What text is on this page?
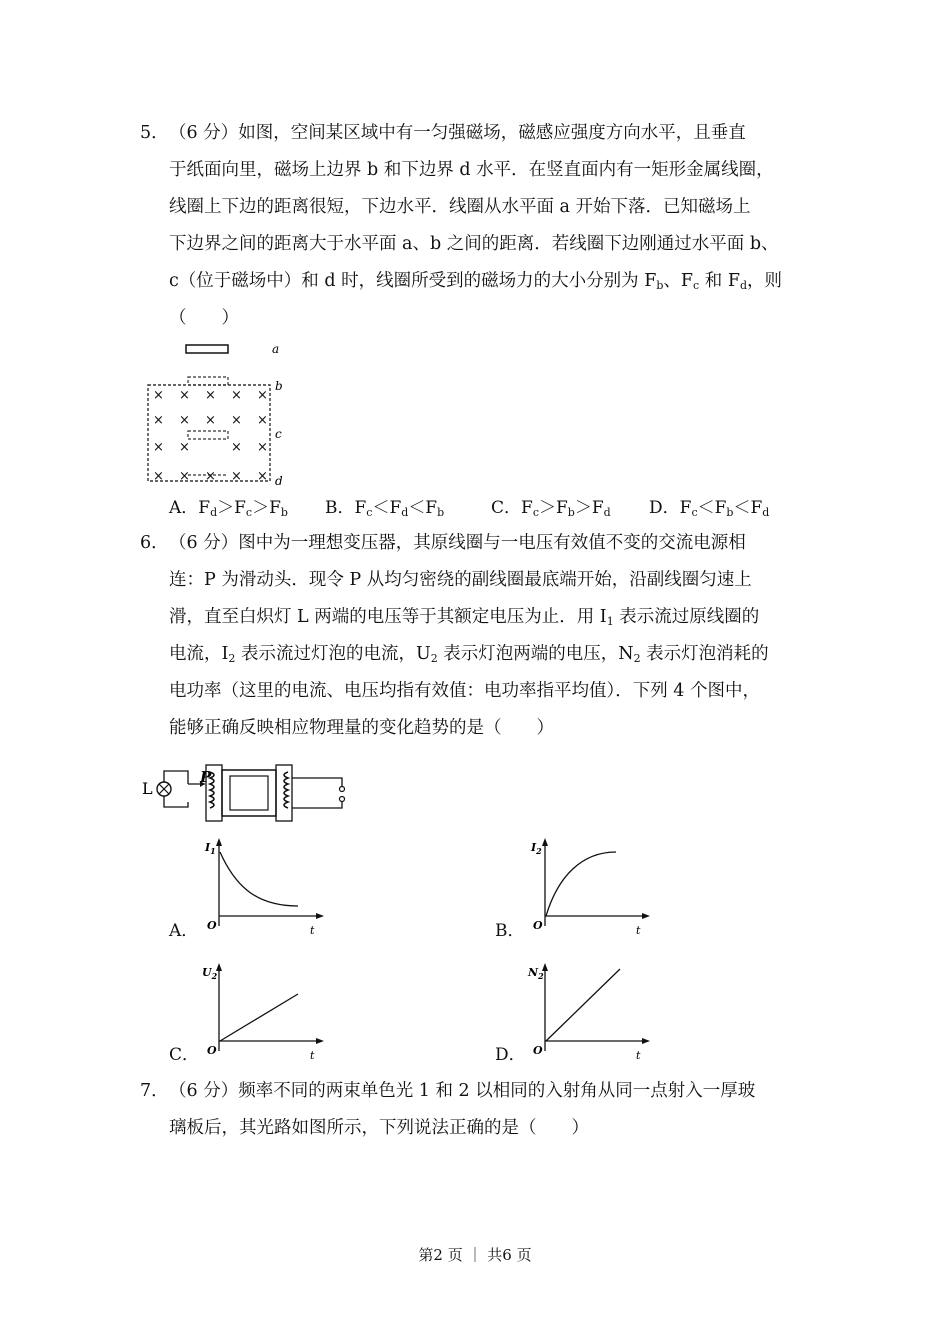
5． （6 分）如图，空间某区域中有一匀强磁场，磁感应强度方向水平，且垂直
于纸面向里，磁场上边界 b 和下边界 d 水平．在竖直面内有一矩形金属线圈，
线圈上下边的距离很短，下边水平．线圈从水平面 a 开始下落．已知磁场上
下边界之间的距离大于水平面 a、b 之间的距离．若线圈下边刚通过水平面 b、
c（位于磁场中）和 d 时，线圈所受到的磁场力的大小分别为 $F_b$、$F_c$ 和 $F_d$，则
（　　）
a
b
c
d
× × × × ×
× × × × ×
× ×	× ×
× × × × ×
A．$F_d>F_c>F_b$ B．$F_c<F_d<F_b$	C．$F_c>F_b>F_d$ D．$F_c<F_b<F_d$
6． （6 分）图中为一理想变压器，其原线圈与一电压有效值不变的交流电源相
连：P 为滑动头．现令 P 从均匀密绕的副线圈最底端开始，沿副线圈匀速上
滑，直至白炽灯 L 两端的电压等于其额定电压为止．用 $I_1$ 表示流过原线圈的
电流，$I_2$ 表示流过灯泡的电流，$U_2$ 表示灯泡两端的电压，$N_2$ 表示灯泡消耗的
电功率（这里的电流、电压均指有效值：电功率指平均值）．下列 4 个图中，
能够正确反映相应物理量的变化趋势的是（　　）
L
P
A．
$I_1$
O	t	B．
$I_2$
O	t
C．
$U_2$
O	t	D．
$N_2$
O	t
7． （6 分）频率不同的两束单色光 1 和 2 以相同的入射角从同一点射入一厚玻
璃板后，其光路如图所示，下列说法正确的是（　　）
第2 页 ｜ 共6 页
